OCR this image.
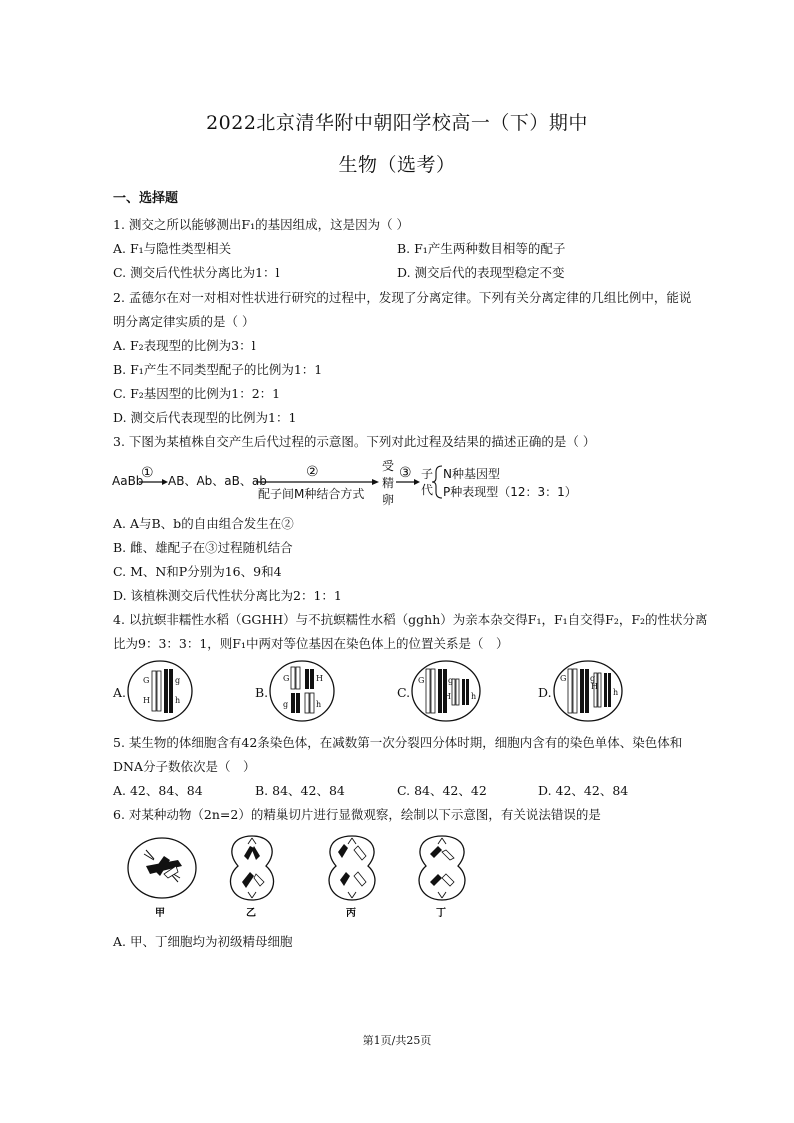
2022北京清华附中朝阳学校高一（下）期中
生物（选考）
一、选择题
1. 测交之所以能够测出F₁的基因组成，这是因为（ ）
A. F₁与隐性类型相关	B. F₁产生两种数目相等的配子
C. 测交后代性状分离比为1：l	D. 测交后代的表现型稳定不变
2. 孟德尔在对一对相对性状进行研究的过程中，发现了分离定律。下列有关分离定律的几组比例中，能说
明分离定律实质的是（ ）
A. F₂表现型的比例为3：l
B. F₁产生不同类型配子的比例为1：1
C. F₂基因型的比例为1：2：1
D. 测交后代表现型的比例为1：1
3. 下图为某植株自交产生后代过程的示意图。下列对此过程及结果的描述正确的是（ ）
AaBb
① AB、Ab、aB、ab
②
配子间M种结合方式
受
精
卵
③ 子
代
N种基因型
P种表现型（12：3：1）
A. A与B、b的自由组合发生在②
B. 雌、雄配子在③过程随机结合
C. M、N和P分别为16、9和4
D. 该植株测交后代性状分离比为2：1：1
4. 以抗螟非糯性水稻（GGHH）与不抗螟糯性水稻（gghh）为亲本杂交得F₁，F₁自交得F₂，F₂的性状分离
比为9：3：3：1，则F₁中两对等位基因在染色体上的位置关系是（　）
A.
G	g
H	h
B.
G
g
H
h
C.
G	g
H	h	D.
G	g
H
h
5. 某生物的体细胞含有42条染色体，在减数第一次分裂四分体时期，细胞内含有的染色单体、染色体和
DNA分子数依次是（　）
A. 42、84、84	B. 84、42、84	C. 84、42、42	D. 42、42、84
6. 对某种动物（2n=2）的精巢切片进行显微观察，绘制以下示意图，有关说法错误的是
甲	乙	丙	丁
A. 甲、丁细胞均为初级精母细胞
第1页/共25页
